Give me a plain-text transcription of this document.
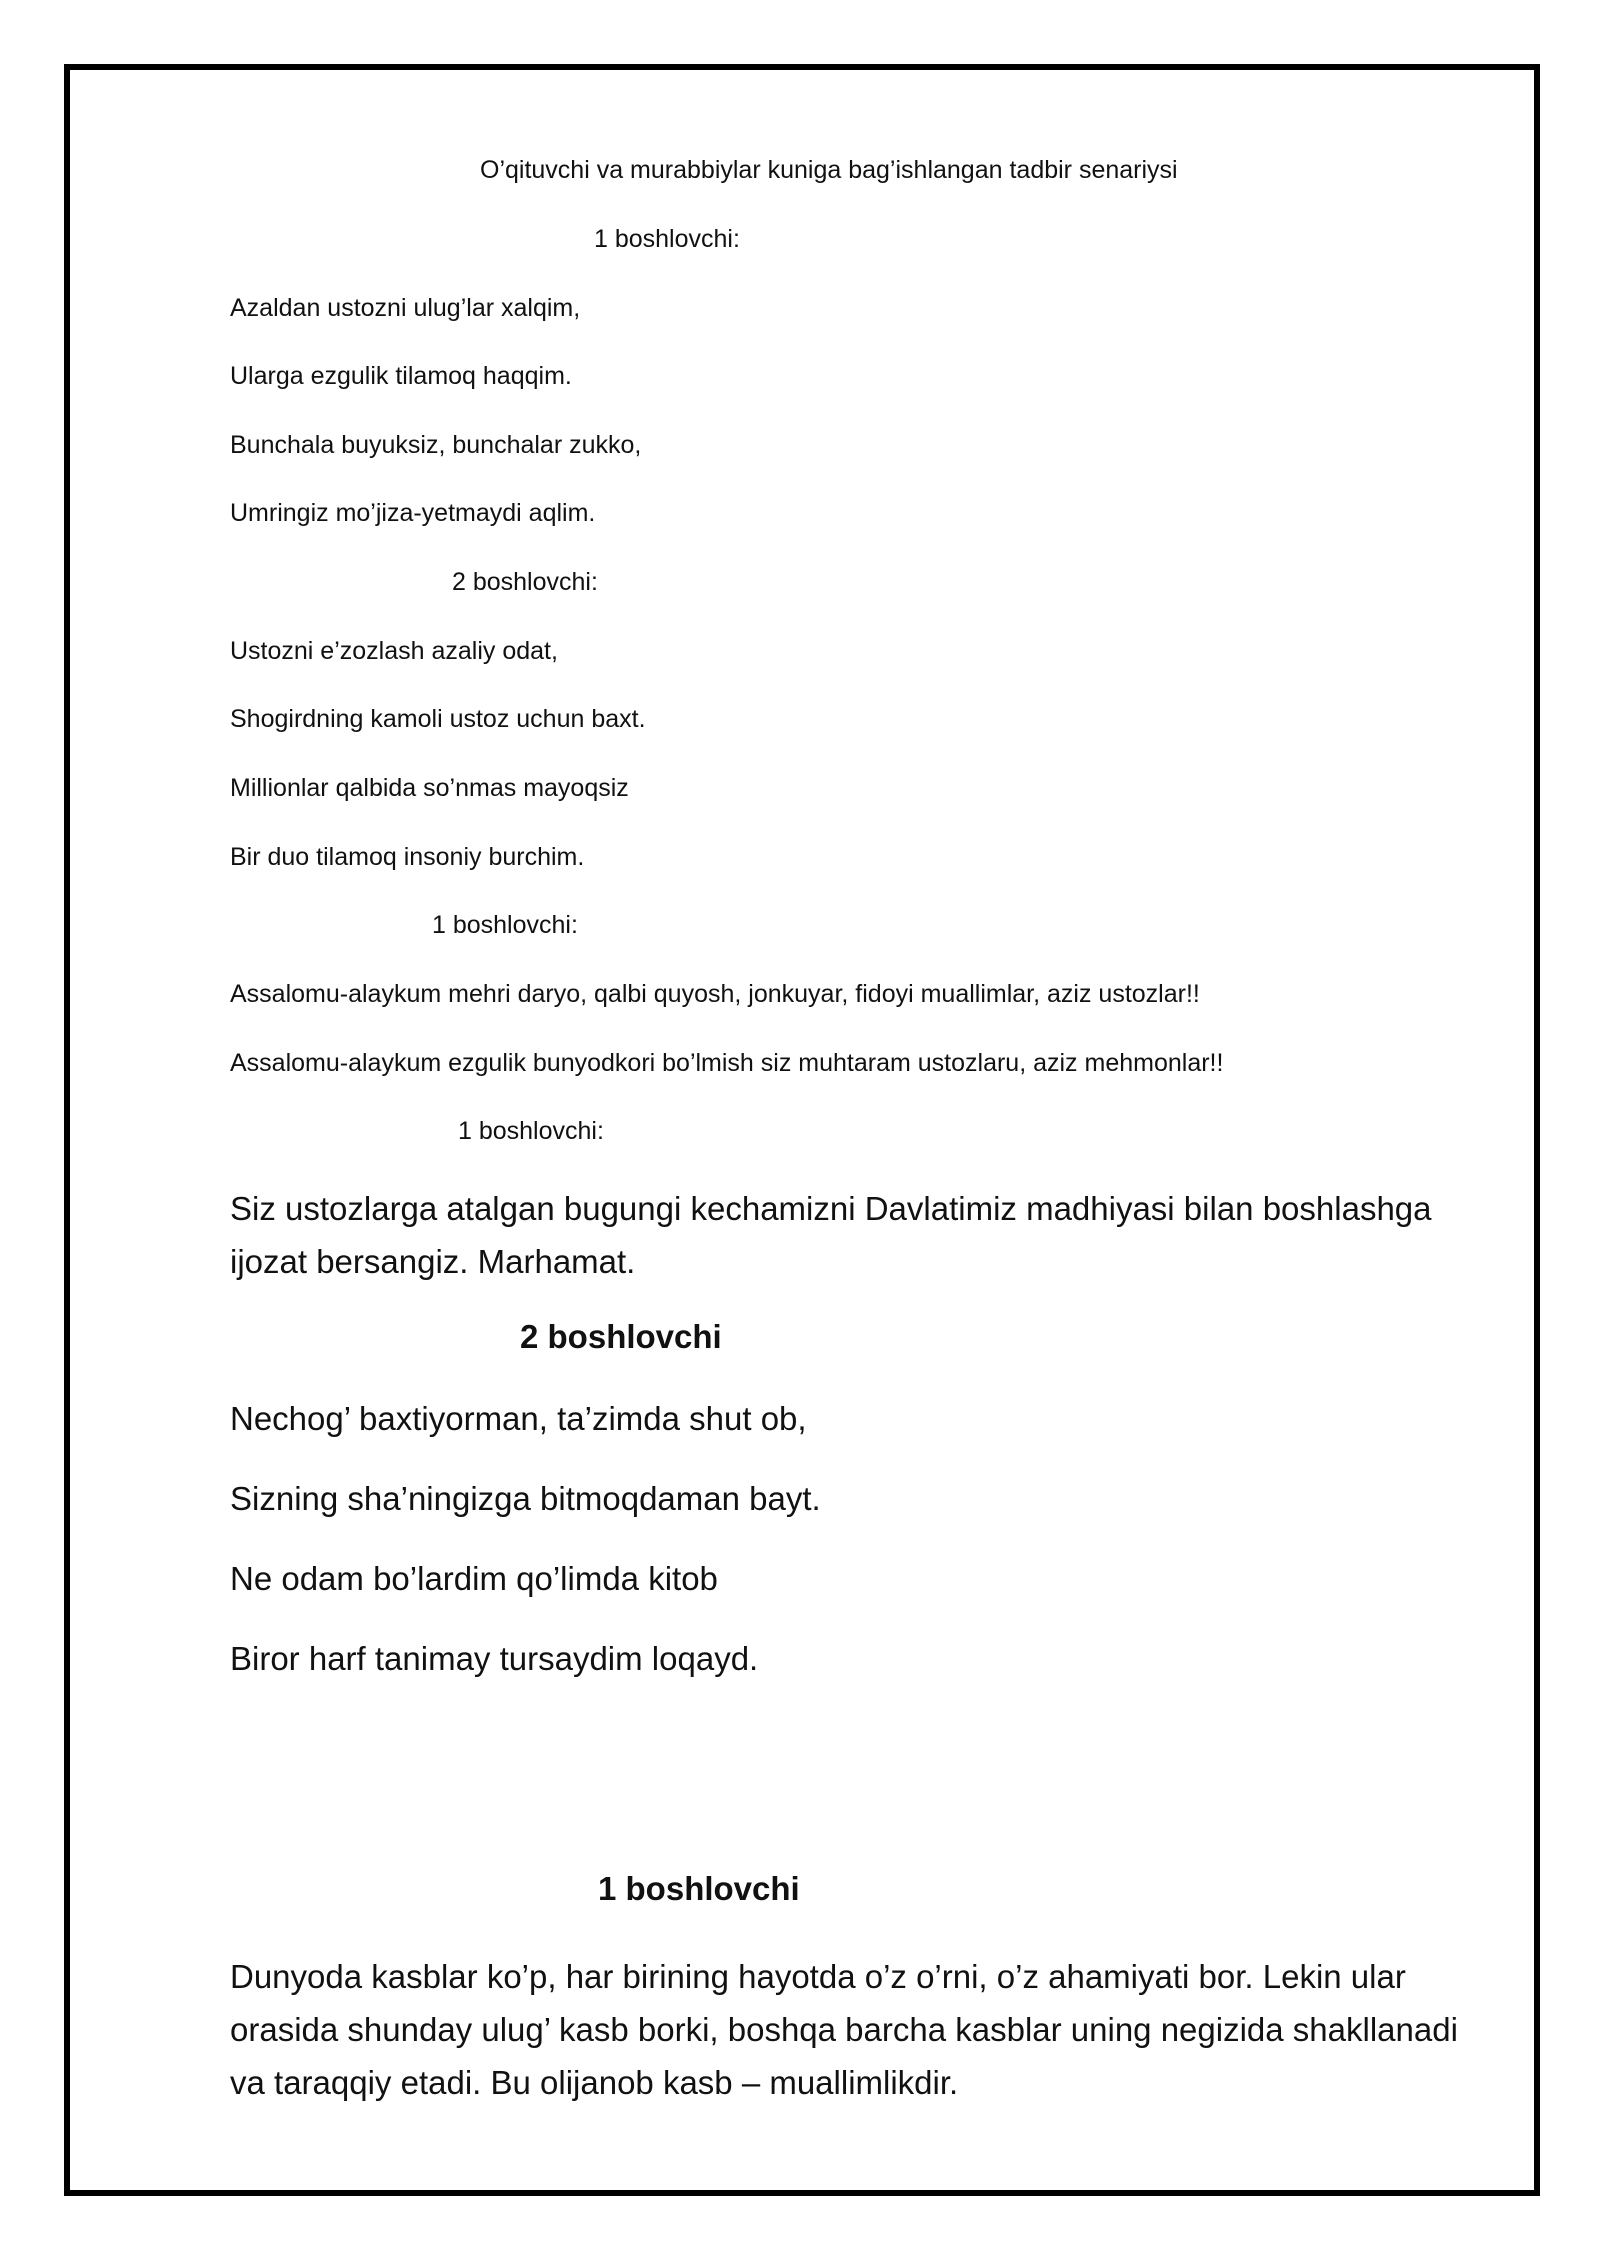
O’qituvchi va murabbiylar kuniga bag’ishlangan tadbir senariysi
1 boshlovchi:
Azaldan ustozni ulug’lar xalqim,
Ularga ezgulik tilamoq haqqim.
Bunchala buyuksiz, bunchalar zukko,
Umringiz mo’jiza-yetmaydi aqlim.
2 boshlovchi:
Ustozni e’zozlash azaliy odat,
Shogirdning kamoli ustoz uchun baxt.
Millionlar qalbida so’nmas mayoqsiz
Bir duo tilamoq insoniy burchim.
1 boshlovchi:
Assalomu-alaykum mehri daryo, qalbi quyosh, jonkuyar, fidoyi muallimlar, aziz ustozlar!!
Assalomu-alaykum ezgulik bunyodkori bo’lmish siz muhtaram ustozlaru, aziz mehmonlar!!
1 boshlovchi:
Siz ustozlarga atalgan bugungi kechamizni Davlatimiz madhiyasi bilan boshlashga ijozat bersangiz. Marhamat.
2 boshlovchi
Nechog’ baxtiyorman, ta’zimda shut ob,
Sizning sha’ningizga bitmoqdaman bayt.
Ne odam bo’lardim qo’limda kitob
Biror harf tanimay tursaydim loqayd.
1 boshlovchi
Dunyoda kasblar ko’p, har birining hayotda o’z o’rni, o’z ahamiyati bor. Lekin ular orasida shunday ulug’ kasb borki, boshqa barcha kasblar uning negizida shakllanadi va taraqqiy etadi. Bu olijanob kasb – muallimlikdir.
